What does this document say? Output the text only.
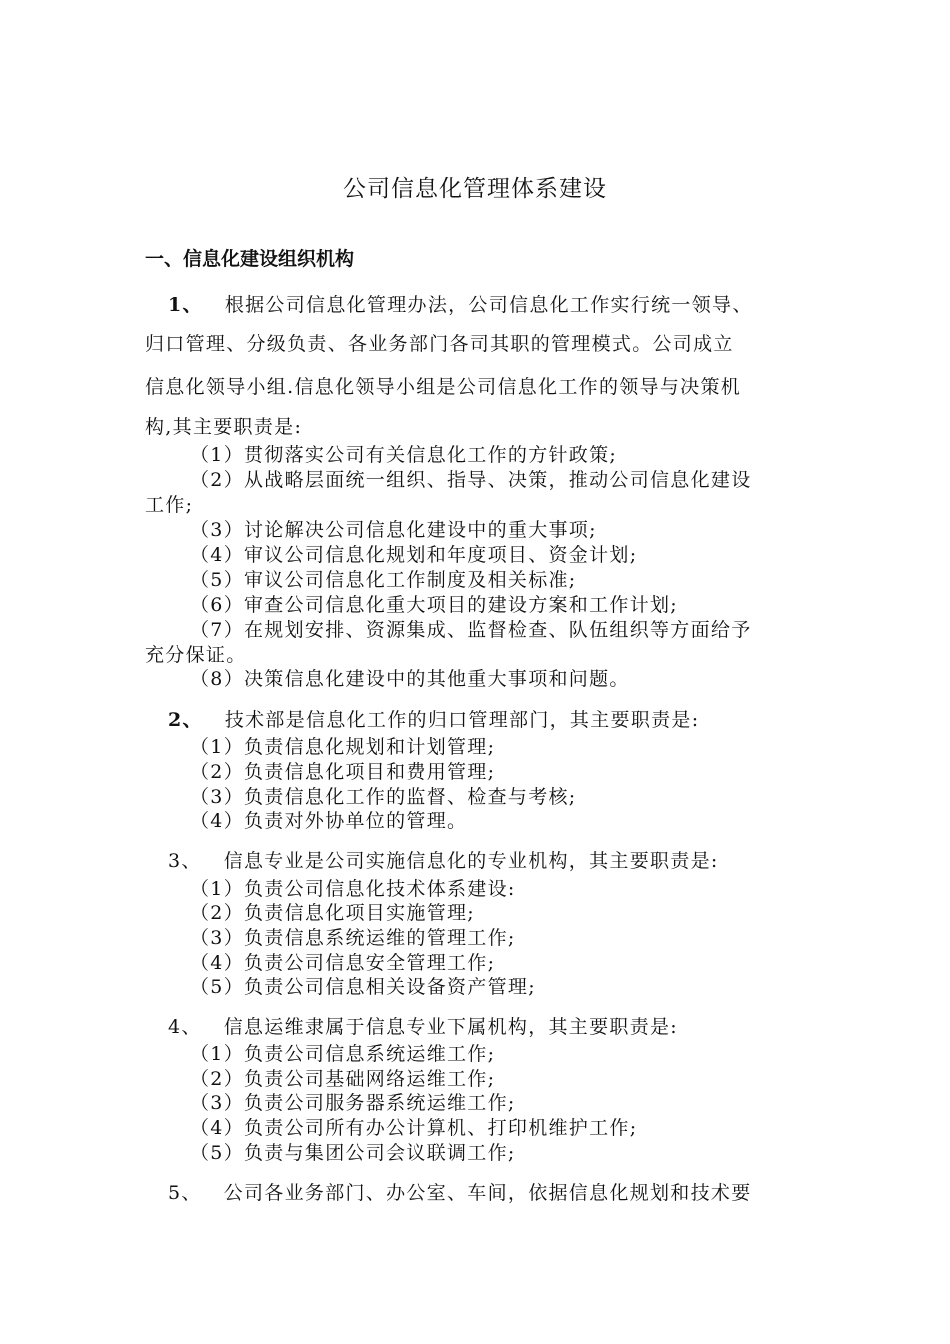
公司信息化管理体系建设
一、信息化建设组织机构
1、 根据公司信息化管理办法，公司信息化工作实行统一领导、
归口管理、分级负责、各业务部门各司其职的管理模式。公司成立
信息化领导小组.信息化领导小组是公司信息化工作的领导与决策机
构,其主要职责是:
（1）贯彻落实公司有关信息化工作的方针政策;
（2）从战略层面统一组织、指导、决策，推动公司信息化建设
工作;
（3）讨论解决公司信息化建设中的重大事项;
（4）审议公司信息化规划和年度项目、资金计划;
（5）审议公司信息化工作制度及相关标准;
（6）审查公司信息化重大项目的建设方案和工作计划;
（7）在规划安排、资源集成、监督检查、队伍组织等方面给予
充分保证。
（8）决策信息化建设中的其他重大事项和问题。
2、 技术部是信息化工作的归口管理部门，其主要职责是:
（1）负责信息化规划和计划管理;
（2）负责信息化项目和费用管理;
（3）负责信息化工作的监督、检查与考核;
（4）负责对外协单位的管理。
3、 信息专业是公司实施信息化的专业机构，其主要职责是:
（1）负责公司信息化技术体系建设:
（2）负责信息化项目实施管理;
（3）负责信息系统运维的管理工作;
（4）负责公司信息安全管理工作;
（5）负责公司信息相关设备资产管理;
4、 信息运维隶属于信息专业下属机构，其主要职责是:
（1）负责公司信息系统运维工作;
（2）负责公司基础网络运维工作;
（3）负责公司服务器系统运维工作;
（4）负责公司所有办公计算机、打印机维护工作;
（5）负责与集团公司会议联调工作;
5、 公司各业务部门、办公室、车间，依据信息化规划和技术要
